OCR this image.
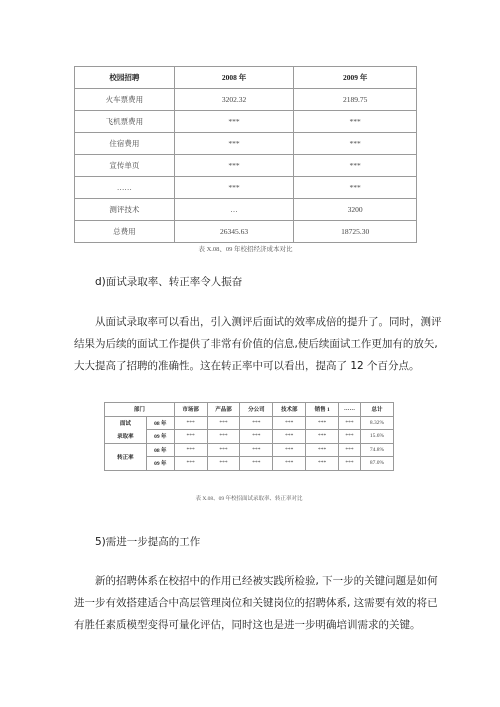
校园招聘	2008 年	2009 年
火车票费用	3202.32	2189.75
飞机票费用	***	***
住宿费用	***	***
宣传单页	***	***
……	***	***
测评技术	…	3200
总费用	26345.63	18725.30
表 X.08、09 年校招经济成本对比
d)面试录取率、转正率令人振奋
从面试录取率可以看出，引入测评后面试的效率成倍的提升了。同时，测评
结果为后续的面试工作提供了非常有价值的信息,使后续面试工作更加有的放矢,
大大提高了招聘的准确性。这在转正率中可以看出，提高了 12 个百分点。
部门		市场部	产品部	分公司	技术部	销售 1	……	总计

面试
录取率	08 年	***	***	***	***	***	***	8.32%
	09 年	***	***	***	***	***	***	15.6%
转正率	08 年	***	***	***	***	***	***	74.8%
	09 年	***	***	***	***	***	***	87.0%
表 X.08、09 年校招面试录取率、转正率对比
5)需进一步提高的工作
新的招聘体系在校招中的作用已经被实践所检验, 下一步的关键问题是如何
进一步有效搭建适合中高层管理岗位和关键岗位的招聘体系, 这需要有效的将已
有胜任素质模型变得可量化评估，同时这也是进一步明确培训需求的关键。
